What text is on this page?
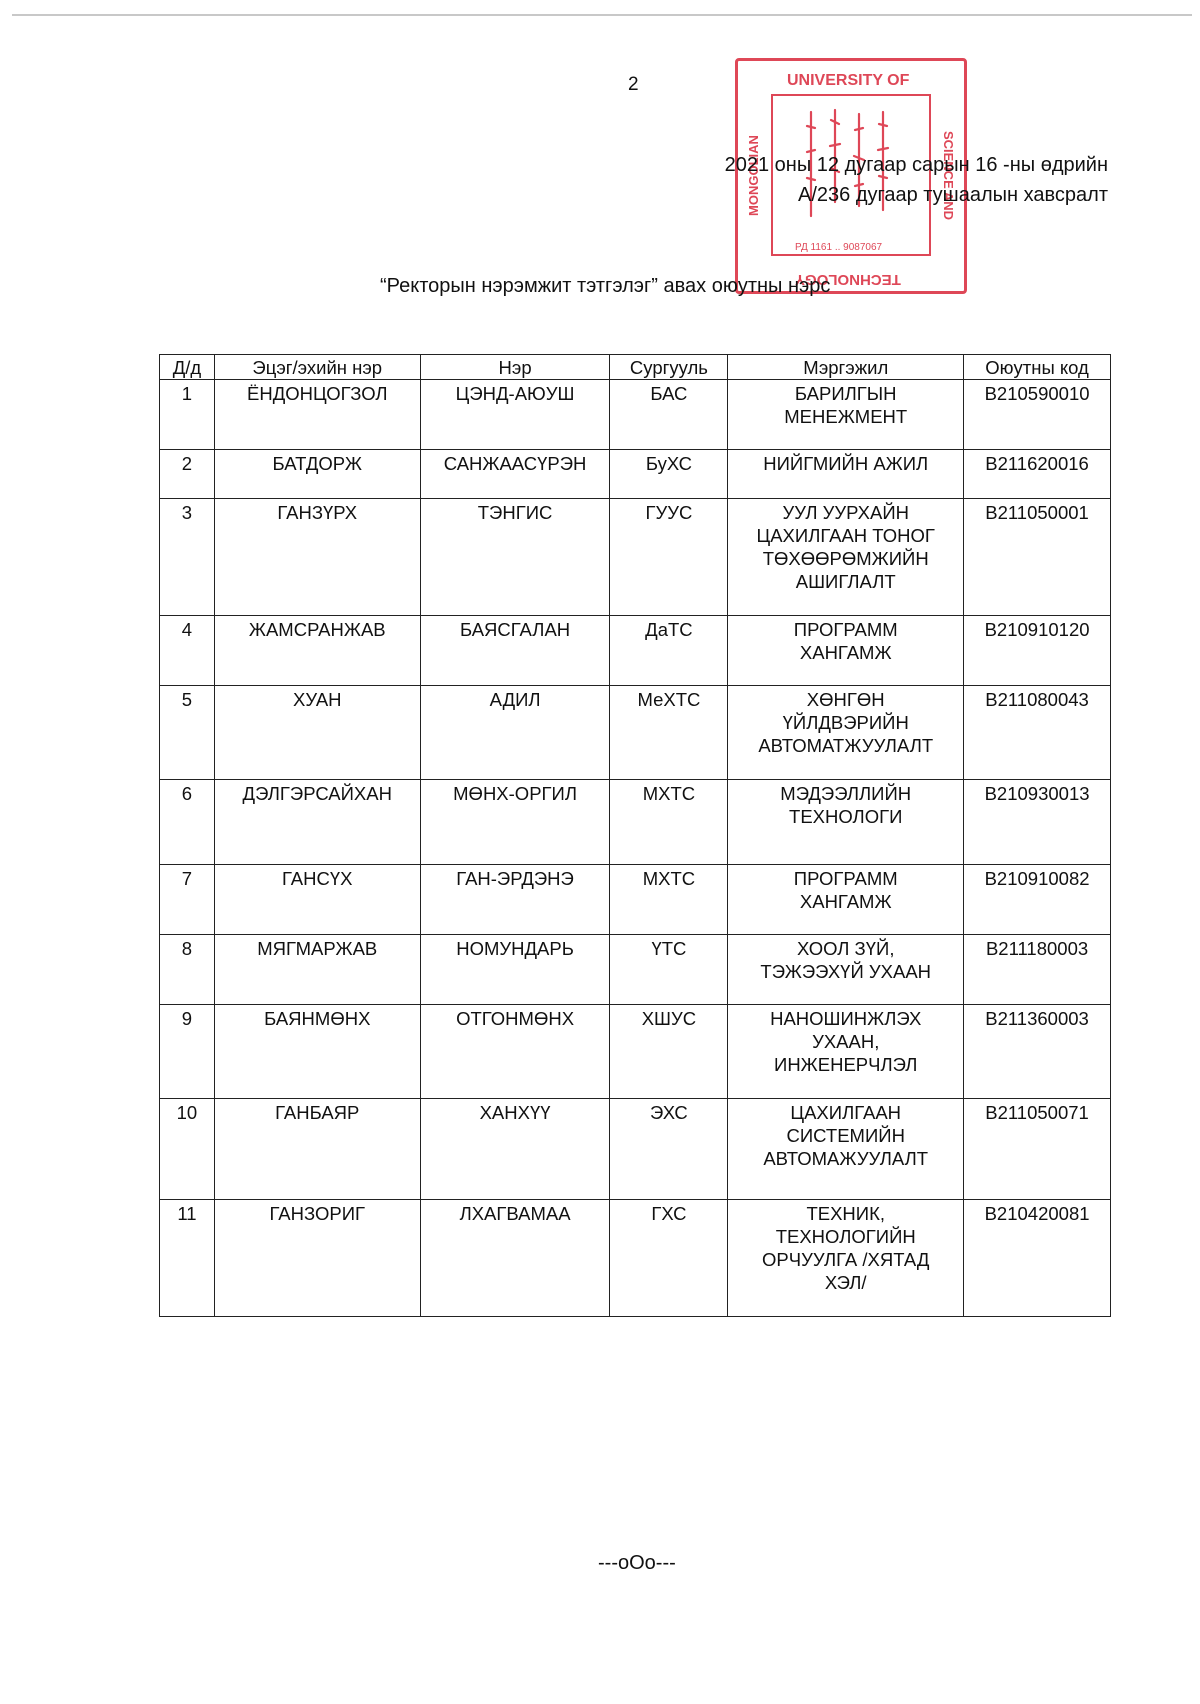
2	UNIVERSITY OF
MONGOLIAN	SCIENCE AND
TECHNOLOGY
РД 1161 .. 9087067
2021 оны 12 дугаар сарын 16 -ны өдрийн
А/236 дугаар тушаалын хавсралт
“Ректорын нэрэмжит тэтгэлэг” авах оюутны нэрс
Д/д	Эцэг/эхийн нэр	Нэр	Сургууль	Мэргэжил	Оюутны код
1	ЁНДОНЦОГЗОЛ	ЦЭНД-АЮУШ	БАС	БАРИЛГЫН
МЕНЕЖМЕНТ	В210590010
2	БАТДОРЖ	САНЖААСҮРЭН	БуХС	НИЙГМИЙН АЖИЛ	В211620016
3	ГАНЗҮРХ	ТЭНГИС	ГУУС	УУЛ УУРХАЙН
ЦАХИЛГААН ТОНОГ
ТӨХӨӨРӨМЖИЙН
АШИГЛАЛТ	В211050001
4	ЖАМСРАНЖАВ	БАЯСГАЛАН	ДаТС	ПРОГРАММ
ХАНГАМЖ	В210910120
5	ХУАН	АДИЛ	МеХТС	ХӨНГӨН
ҮЙЛДВЭРИЙН
АВТОМАТЖУУЛАЛТ	В211080043
6	ДЭЛГЭРСАЙХАН	МӨНХ-ОРГИЛ	МХТС	МЭДЭЭЛЛИЙН
ТЕХНОЛОГИ	В210930013
7	ГАНСҮХ	ГАН-ЭРДЭНЭ	МХТС	ПРОГРАММ
ХАНГАМЖ	В210910082
8	МЯГМАРЖАВ	НОМУНДАРЬ	ҮТС	ХООЛ ЗҮЙ,
ТЭЖЭЭХҮЙ УХААН	В211180003
9	БАЯНМӨНХ	ОТГОНМӨНХ	ХШУС	НАНОШИНЖЛЭХ
УХААН,
ИНЖЕНЕРЧЛЭЛ	В211360003
10	ГАНБАЯР	ХАНХҮҮ	ЭХС	ЦАХИЛГААН
СИСТЕМИЙН
АВТОМАЖУУЛАЛТ	В211050071
11	ГАНЗОРИГ	ЛХАГВАМАА	ГХС	ТЕХНИК,
ТЕХНОЛОГИЙН
ОРЧУУЛГА /ХЯТАД
ХЭЛ/	В210420081
---oOo---
